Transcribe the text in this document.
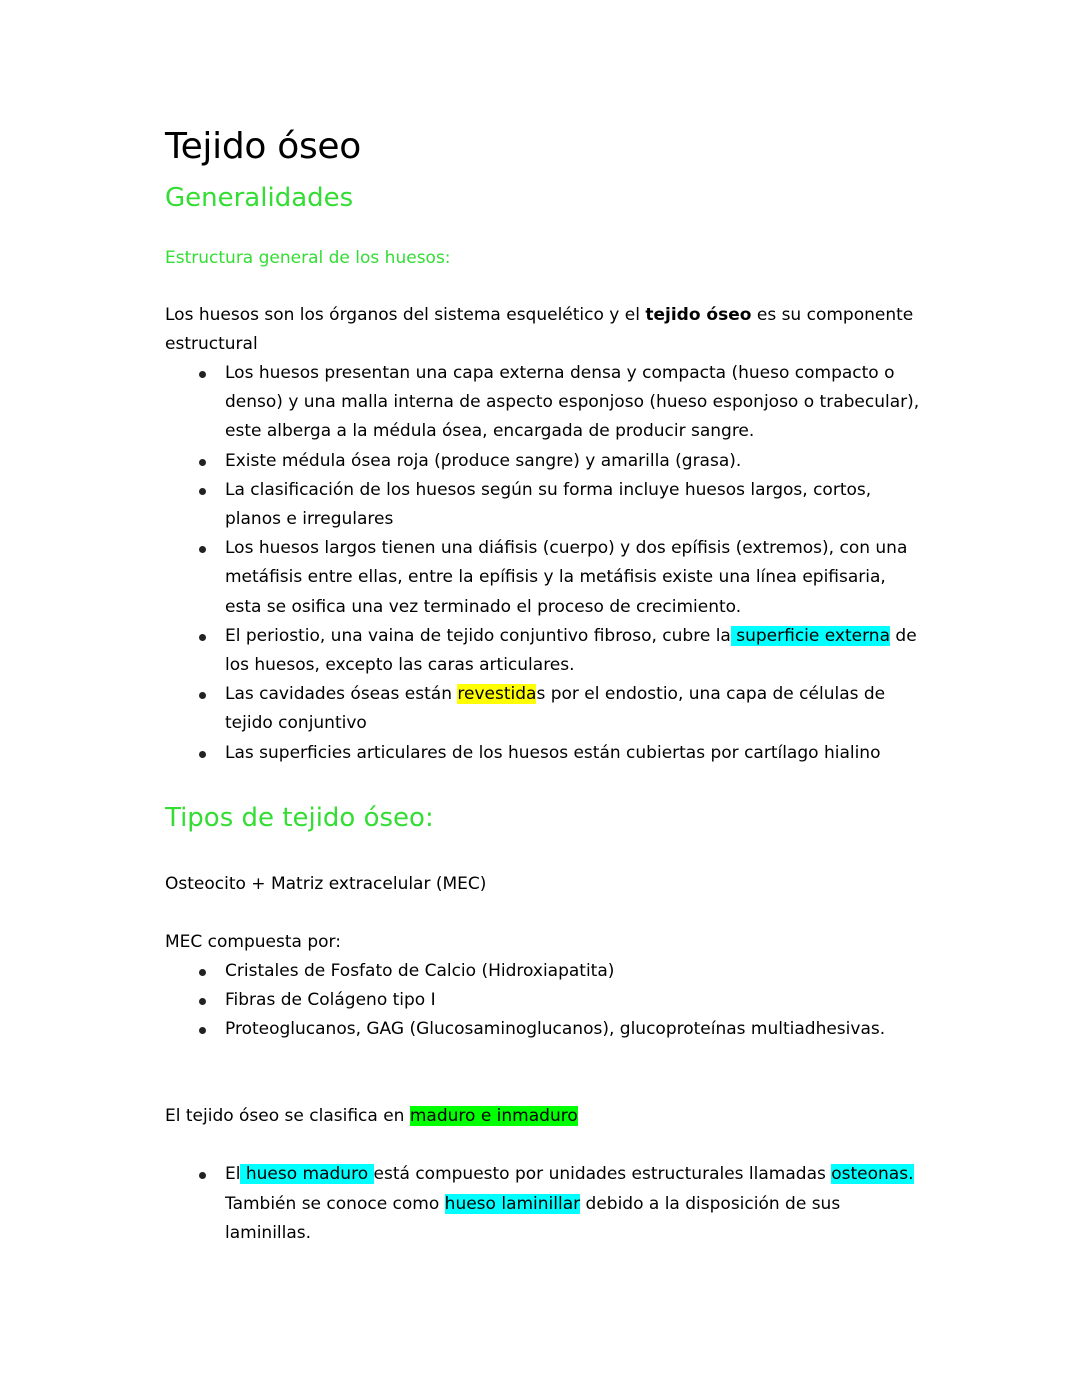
Tejido óseo
Generalidades
Estructura general de los huesos:

Los huesos son los órganos del sistema esquelético y el tejido óseo es su componente estructural

Los huesos presentan una capa externa densa y compacta (hueso compacto o denso) y una malla interna de aspecto esponjoso (hueso esponjoso o trabecular), este alberga a la médula ósea, encargada de producir sangre.
Existe médula ósea roja (produce sangre) y amarilla (grasa).
La clasificación de los huesos según su forma incluye huesos largos, cortos, planos e irregulares
Los huesos largos tienen una diáfisis (cuerpo) y dos epífisis (extremos), con una metáfisis entre ellas, entre la epífisis y la metáfisis existe una línea epifisaria, esta se osifica una vez terminado el proceso de crecimiento.
El periostio, una vaina de tejido conjuntivo fibroso, cubre la superficie externa de los huesos, excepto las caras articulares.
Las cavidades óseas están revestidas por el endostio, una capa de células de tejido conjuntivo
Las superficies articulares de los huesos están cubiertas por cartílago hialino
Tipos de tejido óseo:

Osteocito + Matriz extracelular (MEC)

MEC compuesta por:

Cristales de Fosfato de Calcio (Hidroxiapatita)
Fibras de Colágeno tipo I
Proteoglucanos, GAG (Glucosaminoglucanos), glucoproteínas multiadhesivas.

El tejido óseo se clasifica en maduro e inmaduro

El hueso maduro está compuesto por unidades estructurales llamadas osteonas. También se conoce como hueso laminillar debido a la disposición de sus laminillas.
